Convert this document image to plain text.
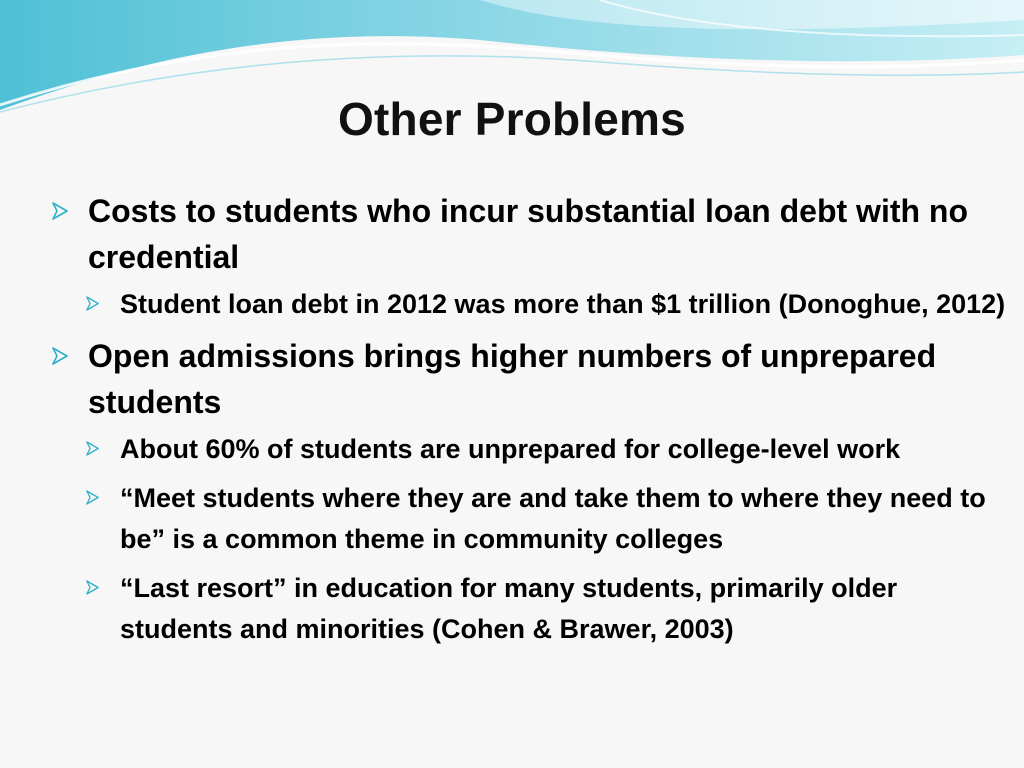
Other Problems
Costs to students who incur substantial loan debt with no credential
Student loan debt in 2012 was more than $1 trillion (Donoghue, 2012)
Open admissions brings higher numbers of unprepared students
About 60% of students are unprepared for college-level work
“Meet students where they are and take them to where they need to be” is a common theme in community colleges
“Last resort” in education for many students, primarily older students and minorities (Cohen & Brawer, 2003)
